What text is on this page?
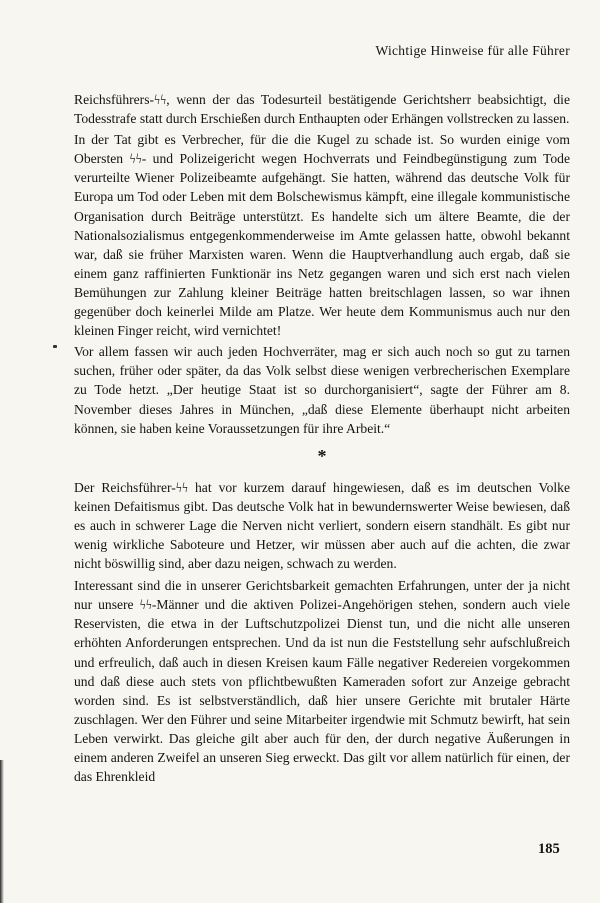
Wichtige Hinweise für alle Führer

Reichsführers-ϟϟ, wenn der das Todesurteil bestätigende Gerichtsherr beabsichtigt, die Todesstrafe statt durch Erschießen durch Enthaupten oder Erhängen vollstrecken zu lassen.

In der Tat gibt es Verbrecher, für die die Kugel zu schade ist. So wurden einige vom Obersten ϟϟ- und Polizeigericht wegen Hochverrats und Feindbegünstigung zum Tode verurteilte Wiener Polizeibeamte aufgehängt. Sie hatten, während das deutsche Volk für Europa um Tod oder Leben mit dem Bolschewismus kämpft, eine illegale kommunistische Organisation durch Beiträge unterstützt. Es handelte sich um ältere Beamte, die der Nationalsozialismus entgegenkommenderweise im Amte gelassen hatte, obwohl bekannt war, daß sie früher Marxisten waren. Wenn die Hauptverhandlung auch ergab, daß sie einem ganz raffinierten Funktionär ins Netz gegangen waren und sich erst nach vielen Bemühungen zur Zahlung kleiner Beiträge hatten breitschlagen lassen, so war ihnen gegenüber doch keinerlei Milde am Platze. Wer heute dem Kommunismus auch nur den kleinen Finger reicht, wird vernichtet!

Vor allem fassen wir auch jeden Hochverräter, mag er sich auch noch so gut zu tarnen suchen, früher oder später, da das Volk selbst diese wenigen verbrecherischen Exemplare zu Tode hetzt. „Der heutige Staat ist so durchorganisiert“, sagte der Führer am 8. November dieses Jahres in München, „daß diese Elemente überhaupt nicht arbeiten können, sie haben keine Voraussetzungen für ihre Arbeit.“

*

Der Reichsführer-ϟϟ hat vor kurzem darauf hingewiesen, daß es im deutschen Volke keinen Defaitismus gibt. Das deutsche Volk hat in bewundernswerter Weise bewiesen, daß es auch in schwerer Lage die Nerven nicht verliert, sondern eisern standhält. Es gibt nur wenig wirkliche Saboteure und Hetzer, wir müssen aber auch auf die achten, die zwar nicht böswillig sind, aber dazu neigen, schwach zu werden.

Interessant sind die in unserer Gerichtsbarkeit gemachten Erfahrungen, unter der ja nicht nur unsere ϟϟ-Männer und die aktiven Polizei-Angehörigen stehen, sondern auch viele Reservisten, die etwa in der Luftschutzpolizei Dienst tun, und die nicht alle unseren erhöhten Anforderungen entsprechen. Und da ist nun die Feststellung sehr aufschlußreich und erfreulich, daß auch in diesen Kreisen kaum Fälle negativer Redereien vorgekommen und daß diese auch stets von pflichtbewußten Kameraden sofort zur Anzeige gebracht worden sind. Es ist selbstverständlich, daß hier unsere Gerichte mit brutaler Härte zuschlagen. Wer den Führer und seine Mitarbeiter irgendwie mit Schmutz bewirft, hat sein Leben verwirkt. Das gleiche gilt aber auch für den, der durch negative Äußerungen in einem anderen Zweifel an unseren Sieg erweckt. Das gilt vor allem natürlich für einen, der das Ehrenkleid

185
